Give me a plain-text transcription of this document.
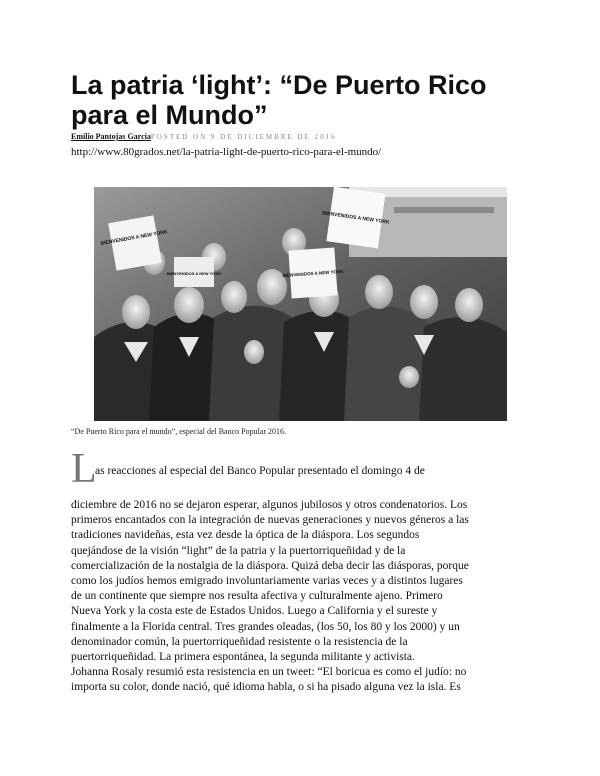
La patria ‘light’: “De Puerto Rico para el Mundo”
Emilio Pantojas GarcíaPOSTED ON 9 DE DICIEMBRE DE 2016
http://www.80grados.net/la-patria-light-de-puerto-rico-para-el-mundo/
BIENVENIDOS A NEW YORK
BIENVENIDOS A NEW YORK	BIENVENIDOS A NEW YORK
BIENVENIDOS A NEW YORK
“De Puerto Rico para el mundo”, especial del Banco Popular 2016.
L
as reacciones al especial del Banco Popular presentado el domingo 4 de
diciembre de 2016 no se dejaron esperar, algunos jubilosos y otros condenatorios. Los
primeros encantados con la integración de nuevas generaciones y nuevos géneros a las
tradiciones navideñas, esta vez desde la óptica de la diáspora. Los segundos
quejándose de la visión “light” de la patria y la puertorriqueñidad y de la
comercialización de la nostalgia de la diáspora. Quizá deba decir las diásporas, porque
como los judíos hemos emigrado involuntariamente varias veces y a distintos lugares
de un continente que siempre nos resulta afectiva y culturalmente ajeno. Primero
Nueva York y la costa este de Estados Unidos. Luego a California y el sureste y
finalmente a la Florida central. Tres grandes oleadas, (los 50, los 80 y los 2000) y un
denominador común, la puertorriqueñidad resistente o la resistencia de la
puertorriqueñidad. La primera espontánea, la segunda militante y activista.
Johanna Rosaly resumió esta resistencia en un tweet: “El boricua es como el judío: no
importa su color, donde nació, qué idioma habla, o si ha pisado alguna vez la isla. Es
